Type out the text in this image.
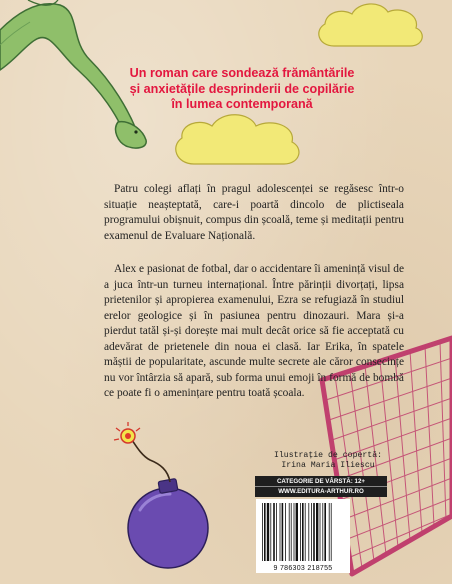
Un roman care sondează frământările
și anxietățile desprinderii de copilărie
în lumea contemporană

Patru colegi aflați în pragul adolescenței se regăsesc într-o situație neașteptată, care-i poartă dincolo de plictiseala programului obișnuit, compus din școală, teme și meditații pentru examenul de Evaluare Națională.

Alex e pasionat de fotbal, dar o accidentare îi amenință visul de a juca într-un turneu internațional. Între părinții divorțați, lipsa prietenilor și apropierea examenului, Ezra se refugiază în studiul erelor geologice și în pasiunea pentru dinozauri. Mara și-a pierdut tatăl și-și dorește mai mult decât orice să fie acceptată cu adevărat de prietenele din noua ei clasă. Iar Erika, în spatele măștii de popularitate, ascunde multe secrete ale căror consecințe nu vor întârzia să apară, sub forma unui emoji în formă de bombă ce poate fi o amenințare pentru toată școala.

Ilustrație de copertă:
Irina Maria Iliescu
CATEGORIE DE VÂRSTĂ: 12+
WWW.EDITURA-ARTHUR.RO
9 786303 218755
